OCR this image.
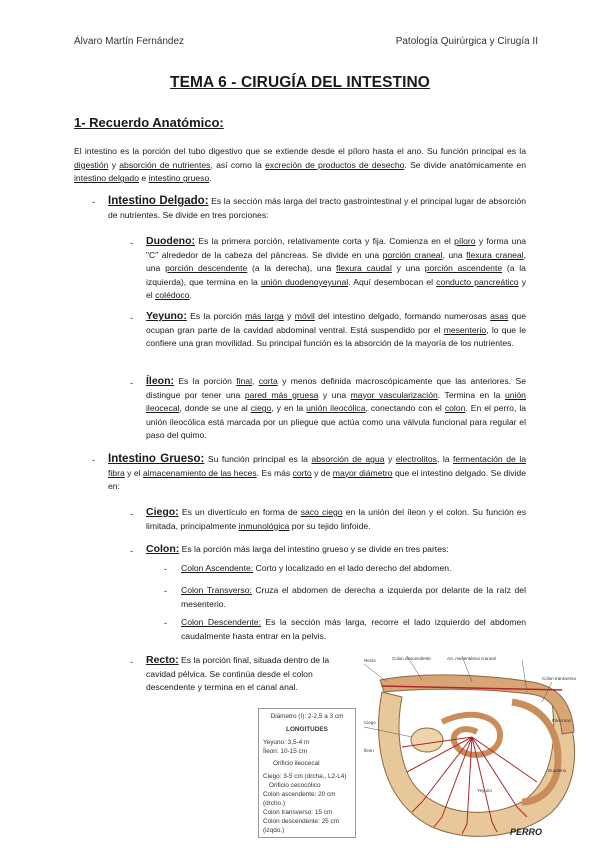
Álvaro Martín Fernández	Patología Quirúrgica y Cirugía II
TEMA 6 - CIRUGÍA DEL INTESTINO
1- Recuerdo Anatómico:
El intestino es la porción del tubo digestivo que se extiende desde el píloro hasta el ano. Su función principal es la digestión y absorción de nutrientes, así como la excreción de productos de desecho. Se divide anatómicamente en intestino delgado e intestino grueso.
- Intestino Delgado: Es la sección más larga del tracto gastrointestinal y el principal lugar de absorción de nutrientes. Se divide en tres porciones:
- Duodeno: Es la primera porción, relativamente corta y fija. Comienza en el píloro y forma una "C" alrededor de la cabeza del páncreas. Se divide en una porción craneal, una flexura craneal, una porción descendente (a la derecha), una flexura caudal y una porción ascendente (a la izquierda), que termina en la unión duodenoyeyunal. Aquí desembocan el conducto pancreático y el colédoco.
- Yeyuno: Es la porción más larga y móvil del intestino delgado, formando numerosas asas que ocupan gran parte de la cavidad abdominal ventral. Está suspendido por el mesenterio, lo que le confiere una gran movilidad. Su principal función es la absorción de la mayoría de los nutrientes.
- Íleon: Es la porción final, corta y menos definida macroscópicamente que las anteriores. Se distingue por tener una pared más gruesa y una mayor vascularización. Termina en la unión ileocecal, donde se une al ciego, y en la unión ileocólica, conectando con el colon. En el perro, la unión ileocólica está marcada por un pliegue que actúa como una válvula funcional para regular el paso del quimo.
- Intestino Grueso: Su función principal es la absorción de agua y electrolitos, la fermentación de la fibra y el almacenamiento de las heces. Es más corto y de mayor diámetro que el intestino delgado. Se divide en:
- Ciego: Es un divertículo en forma de saco ciego en la unión del íleon y el colon. Su función es limitada, principalmente inmunológica por su tejido linfoide.
- Colon: Es la porción más larga del intestino grueso y se divide en tres partes:
- Colon Ascendente: Corto y localizado en el lado derecho del abdomen.
- Colon Transverso: Cruza el abdomen de derecha a izquierda por delante de la raíz del mesenterio.
- Colon Descendente: Es la sección más larga, recorre el lado izquierdo del abdomen caudalmente hasta entrar en la pelvis.
- Recto: Es la porción final, situada dentro de la cavidad pélvica. Se continúa desde el colon descendente y termina en el canal anal.
Diámetro (I): 2-2,5 a 3 cm
LONGITUDES
Yeyuno: 3,5-4 m
Íleon: 10-15 cm
Orificio ileocecal
Ciego: 3-5 cm (drcha., L2-L4)
Orificio cecocólico
Colon ascendente: 20 cm (drcho.)
Colon transverso: 15 cm
Colon descendente: 25 cm (izqdo.)	PERRO
Recto	Colon descendente	Art. mesentérica craneal
Ciego
Íleon
Yeyuno
Duodeno
Colon transverso
Páncreas
